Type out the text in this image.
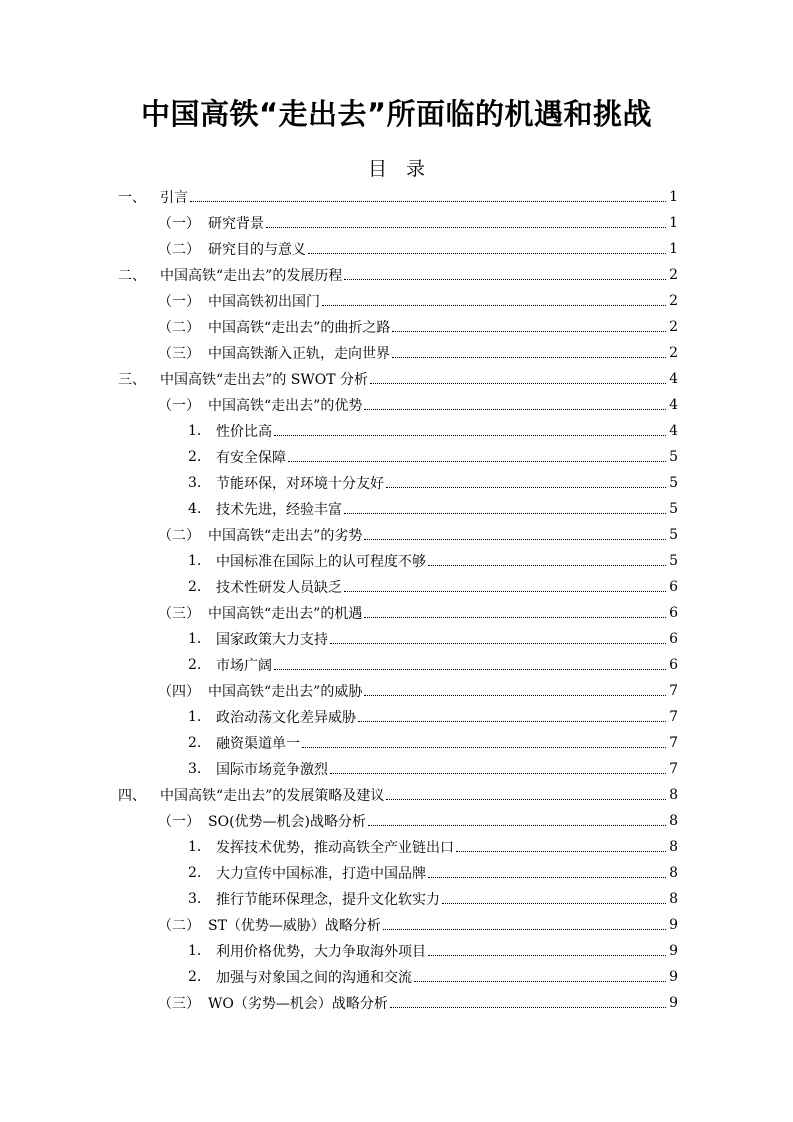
中国高铁“走出去”所面临的机遇和挑战
目　录
一、	引言	1
（一） 研究背景	1
（二） 研究目的与意义	1
二、	中国高铁“走出去”的发展历程	2
（一） 中国高铁初出国门	2
（二） 中国高铁“走出去”的曲折之路	2
（三） 中国高铁渐入正轨，走向世界	2
三、	中国高铁“走出去”的 SWOT 分析	4
（一） 中国高铁“走出去”的优势	4
1.	性价比高	4
2.	有安全保障	5
3.	节能环保，对环境十分友好	5
4.	技术先进，经验丰富	5
（二） 中国高铁“走出去”的劣势	5
1.	中国标准在国际上的认可程度不够	5
2.	技术性研发人员缺乏	6
（三） 中国高铁“走出去”的机遇	6
1.	国家政策大力支持	6
2.	市场广阔	6
（四） 中国高铁“走出去”的威胁	7
1.	政治动荡文化差异威胁	7
2.	融资渠道单一	7
3.	国际市场竞争激烈	7
四、	中国高铁“走出去”的发展策略及建议	8
（一） SO(优势—机会)战略分析	8
1.	发挥技术优势，推动高铁全产业链出口	8
2.	大力宣传中国标准，打造中国品牌	8
3.	推行节能环保理念，提升文化软实力	8
（二） ST（优势—威胁）战略分析	9
1.	利用价格优势，大力争取海外项目	9
2.	加强与对象国之间的沟通和交流	9
（三） WO（劣势—机会）战略分析	9
